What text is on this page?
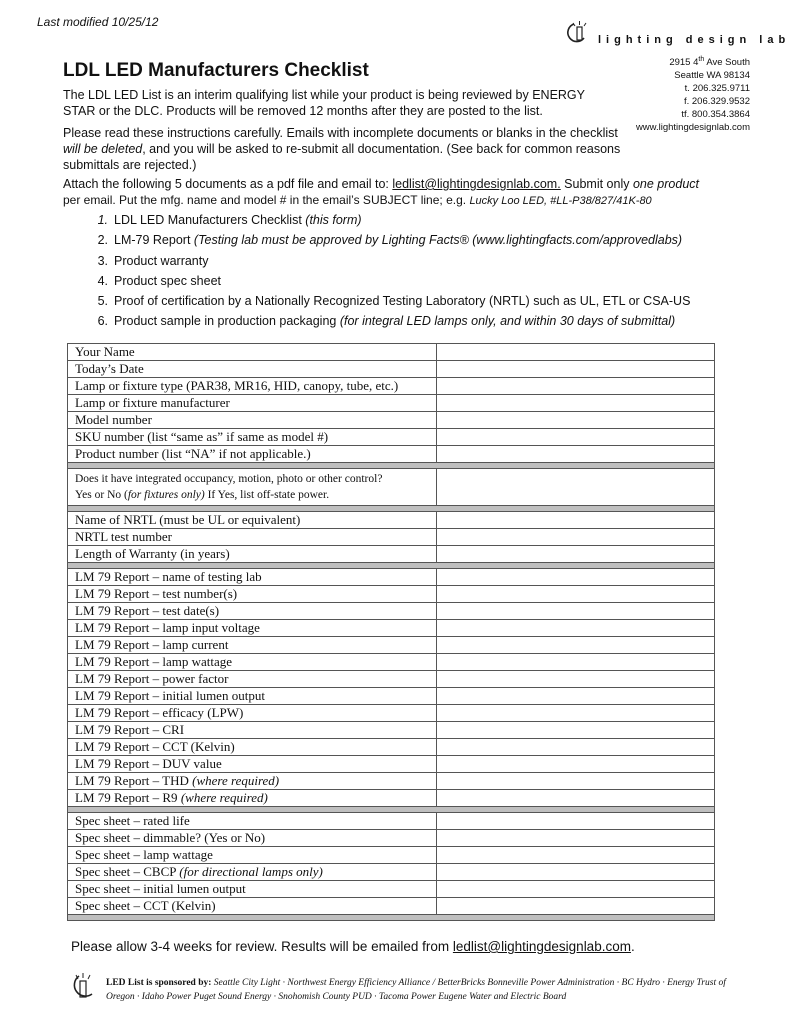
Last modified 10/25/12
lighting design lab
2915 4th Ave South
Seattle WA 98134
t. 206.325.9711
f. 206.329.9532
tf. 800.354.3864
www.lightingdesignlab.com
LDL LED Manufacturers Checklist
The LDL LED List is an interim qualifying list while your product is being reviewed by ENERGY STAR or the DLC. Products will be removed 12 months after they are posted to the list.
Please read these instructions carefully. Emails with incomplete documents or blanks in the checklist will be deleted, and you will be asked to re-submit all documentation. (See back for common reasons submittals are rejected.)
Attach the following 5 documents as a pdf file and email to: ledlist@lightingdesignlab.com. Submit only one product
per email. Put the mfg. name and model # in the email’s SUBJECT line; e.g. Lucky Loo LED, #LL-P38/827/41K-80
1. LDL LED Manufacturers Checklist (this form)
2. LM-79 Report (Testing lab must be approved by Lighting Facts® (www.lightingfacts.com/approvedlabs)
3. Product warranty
4. Product spec sheet
5. Proof of certification by a Nationally Recognized Testing Laboratory (NRTL) such as UL, ETL or CSA-US
6. Product sample in production packaging (for integral LED lamps only, and within 30 days of submittal)
Your Name	
Today’s Date	
Lamp or fixture type (PAR38, MR16, HID, canopy, tube, etc.)	
Lamp or fixture manufacturer	
Model number	
SKU number (list “same as” if same as model #)	
Product number (list “NA” if not applicable.)	

Does it have integrated occupancy, motion, photo or other control?
Yes or No (for fixtures only) If Yes, list off-state power.	

Name of NRTL (must be UL or equivalent)	
NRTL test number	
Length of Warranty (in years)	

LM 79 Report – name of testing lab	
LM 79 Report – test number(s)	
LM 79 Report – test date(s)	
LM 79 Report – lamp input voltage	
LM 79 Report – lamp current	
LM 79 Report – lamp wattage	
LM 79 Report – power factor	
LM 79 Report – initial lumen output	
LM 79 Report – efficacy (LPW)	
LM 79 Report – CRI	
LM 79 Report – CCT (Kelvin)	
LM 79 Report – DUV value	
LM 79 Report – THD (where required)	
LM 79 Report – R9 (where required)	

Spec sheet – rated life	
Spec sheet – dimmable? (Yes or No)	
Spec sheet – lamp wattage	
Spec sheet – CBCP (for directional lamps only)	
Spec sheet – initial lumen output	
Spec sheet – CCT (Kelvin)	

Please allow 3-4 weeks for review. Results will be emailed from ledlist@lightingdesignlab.com.
LED List is sponsored by: Seattle City Light · Northwest Energy Efficiency Alliance / BetterBricks Bonneville Power Administration · BC Hydro · Energy Trust of Oregon · Idaho Power Puget Sound Energy · Snohomish County PUD · Tacoma Power Eugene Water and Electric Board
